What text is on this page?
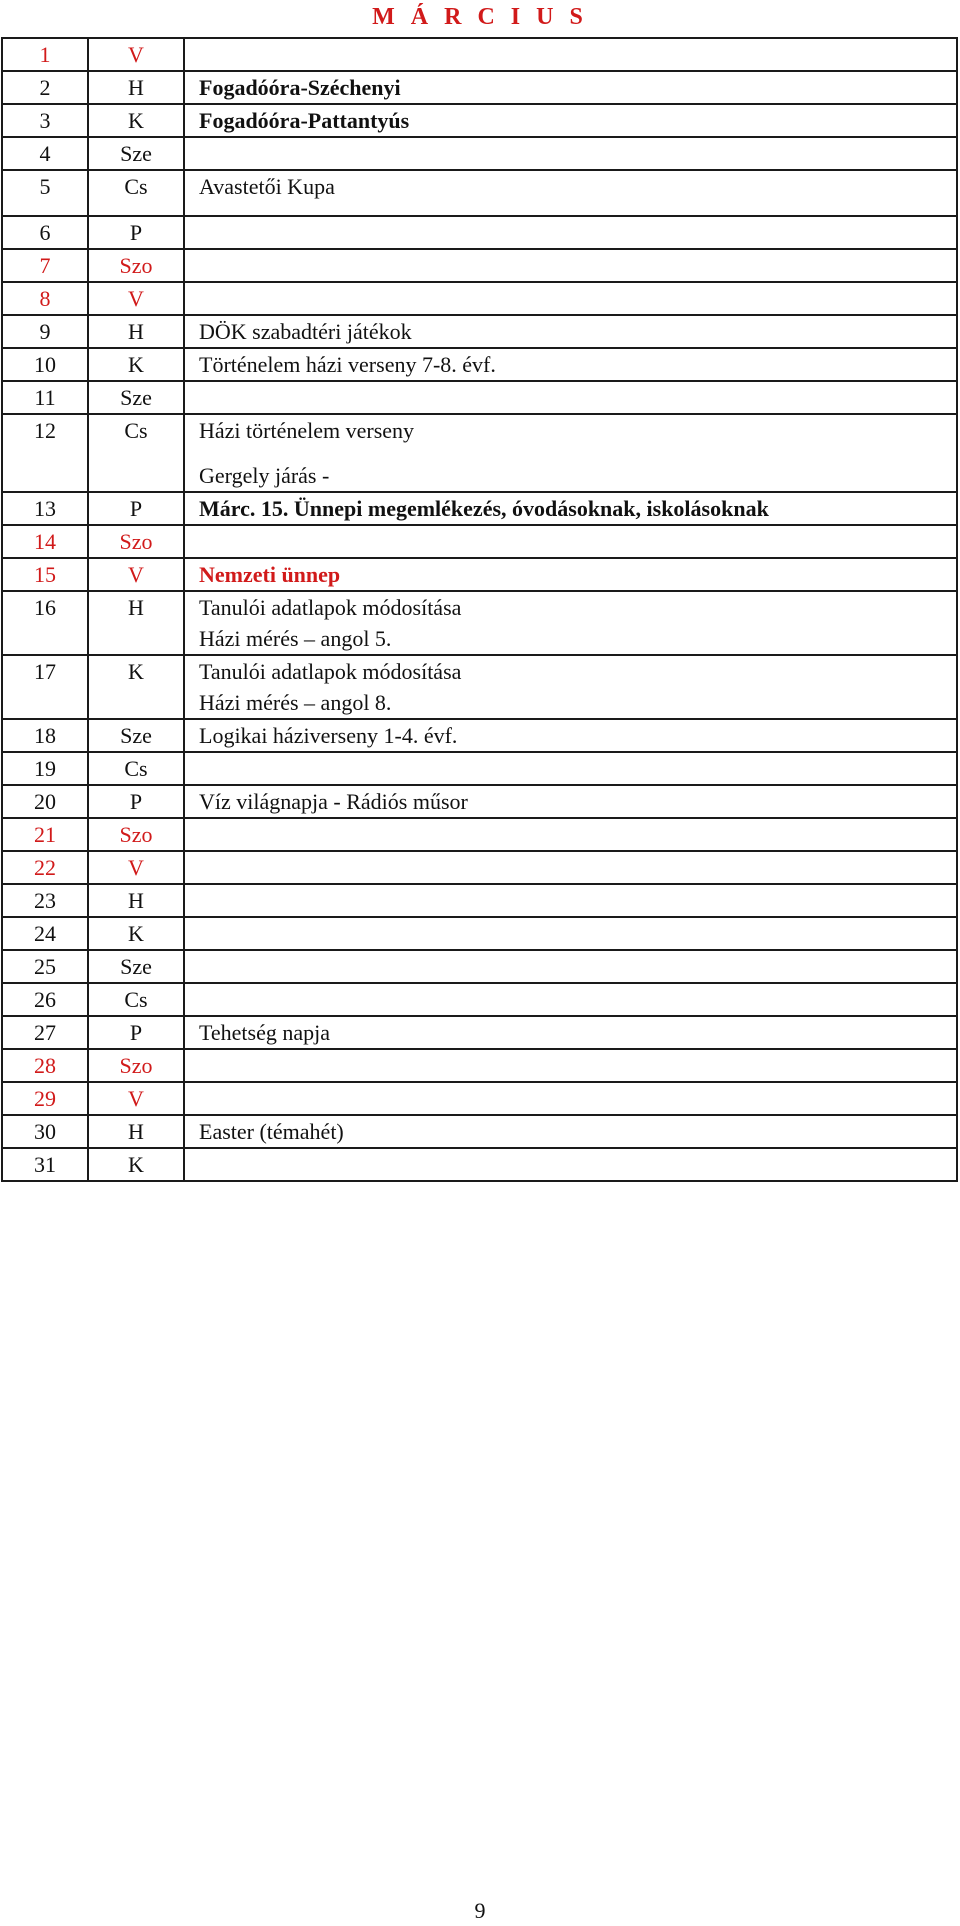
M Á R C I U S
1	V	
2	H	Fogadóóra-Széchenyi

3	K	Fogadóóra-Pattantyús

4	Sze	
5	Cs	Avastetői Kupa

6	P	
7	Szo	
8	V	
9	H	DÖK szabadtéri játékok

10	K	Történelem házi verseny 7-8. évf.

11	Sze	
12	Cs	Házi történelem verseny
Gergely járás -

13	P	Márc. 15. Ünnepi megemlékezés, óvodásoknak, iskolásoknak

14	Szo	
15	V	Nemzeti ünnep

16	H	Tanulói adatlapok módosítása
Házi mérés – angol 5.

17	K	Tanulói adatlapok módosítása
Házi mérés – angol 8.

18	Sze	Logikai háziverseny 1-4. évf.

19	Cs	
20	P	Víz világnapja - Rádiós műsor

21	Szo	
22	V	
23	H	
24	K	
25	Sze	
26	Cs	
27	P	Tehetség napja

28	Szo	
29	V	
30	H	Easter (témahét)

31	K	
9
